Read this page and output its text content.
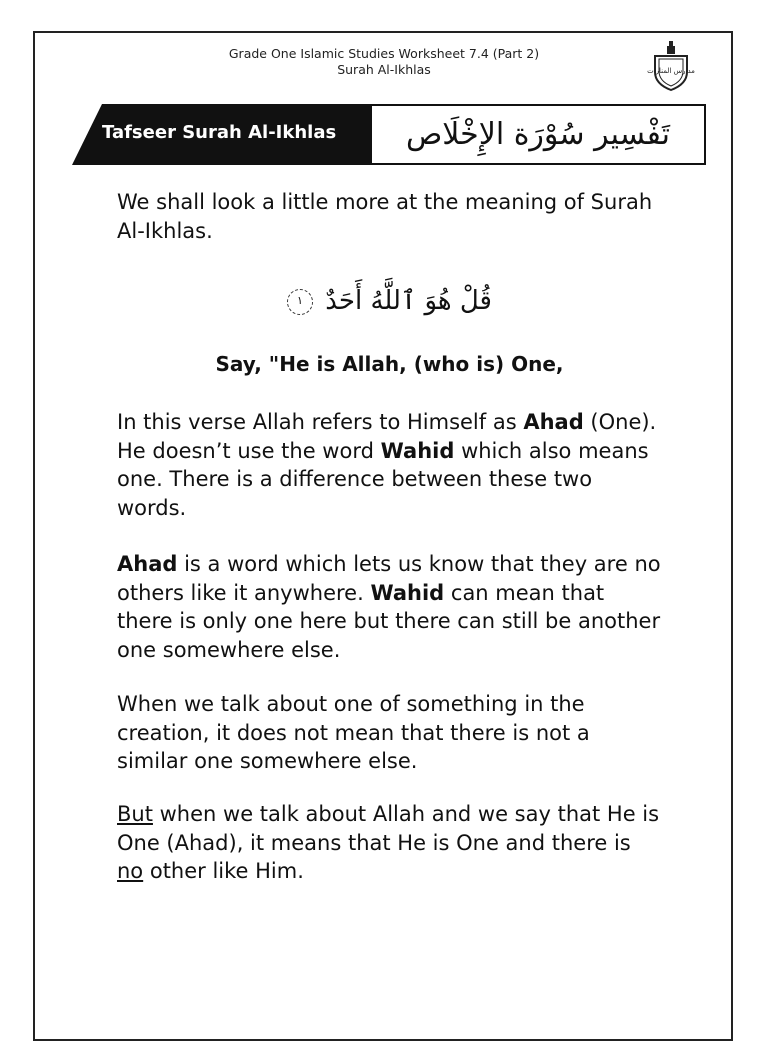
Grade One Islamic Studies Worksheet 7.4 (Part 2)
Surah Al-Ikhlas	مدارس المنارات
Tafseer Surah Al-Ikhlas تَفْسِير سُوْرَة الإِخْلَاص

We shall look a little more at the meaning of Surah Al-Ikhlas.

قُلْ هُوَ ٱللَّهُ أَحَدٌ ١
Say, "He is Allah, (who is) One,
In this verse Allah refers to Himself as Ahad (One). He doesn’t use the word Wahid which also means one. There is a difference between these two words.
Ahad is a word which lets us know that they are no others like it anywhere. Wahid can mean that there is only one here but there can still be another one somewhere else.
When we talk about one of something in the creation, it does not mean that there is not a similar one somewhere else.
But when we talk about Allah and we say that He is One (Ahad), it means that He is One and there is no other like Him.
